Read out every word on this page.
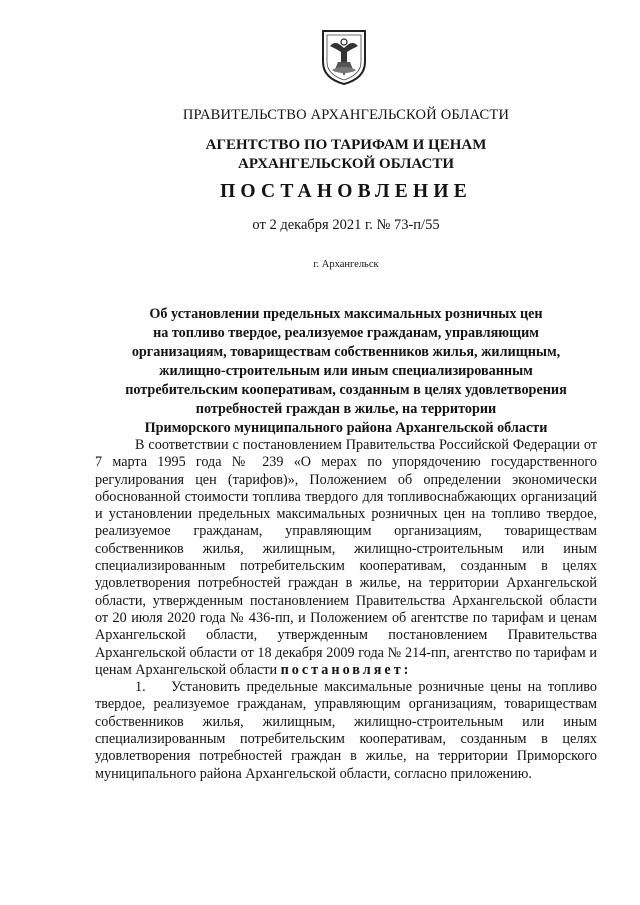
ПРАВИТЕЛЬСТВО АРХАНГЕЛЬСКОЙ ОБЛАСТИ
АГЕНТСТВО ПО ТАРИФАМ И ЦЕНАМ
АРХАНГЕЛЬСКОЙ ОБЛАСТИ
ПОСТАНОВЛЕНИЕ
от 2 декабря 2021 г. № 73-п/55
г. Архангельск
Об установлении предельных максимальных розничных цен
на топливо твердое, реализуемое гражданам, управляющим
организациям, товариществам собственников жилья, жилищным,
жилищно-строительным или иным специализированным
потребительским кооперативам, созданным в целях удовлетворения
потребностей граждан в жилье, на территории
Приморского муниципального района Архангельской области

В соответствии с постановлением Правительства Российской Федерации от 7 марта 1995 года № 239 «О мерах по упорядочению государственного регулирования цен (тарифов)», Положением об определении экономически обоснованной стоимости топлива твердого для топливоснабжающих организаций и установлении предельных максимальных розничных цен на топливо твердое, реализуемое гражданам, управляющим организациям, товариществам собственников жилья, жилищным, жилищно-строительным или иным специализированным потребительским кооперативам, созданным в целях удовлетворения потребностей граждан в жилье, на территории Архангельской области, утвержденным постановлением Правительства Архангельской области от 20 июля 2020 года № 436-пп, и Положением об агентстве по тарифам и ценам Архангельской области, утвержденным постановлением Правительства Архангельской области от 18 декабря 2009 года № 214-пп, агентство по тарифам и ценам Архангельской области постановляет:

1. Установить предельные максимальные розничные цены на топливо твердое, реализуемое гражданам, управляющим организациям, товариществам собственников жилья, жилищным, жилищно-строительным или иным специализированным потребительским кооперативам, созданным в целях удовлетворения потребностей граждан в жилье, на территории Приморского муниципального района Архангельской области, согласно приложению.
